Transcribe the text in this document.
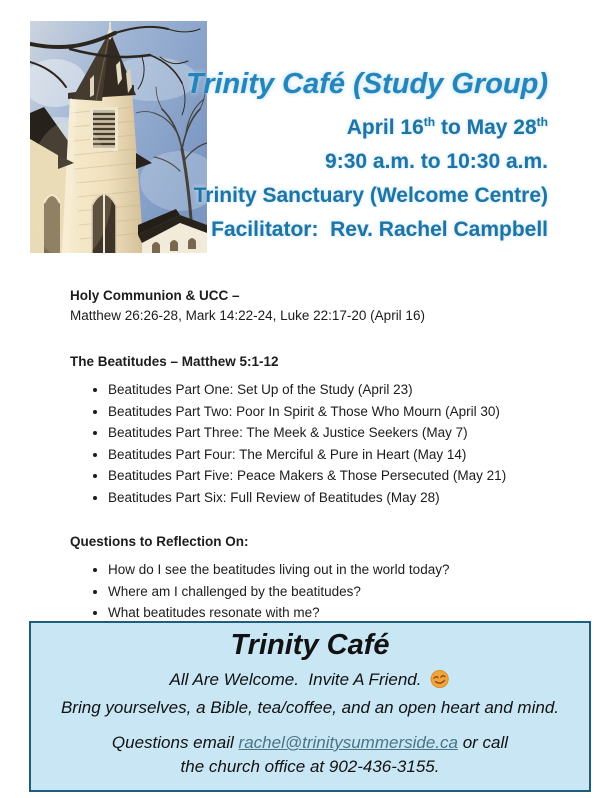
Trinity Café (Study Group)
April 16th to May 28th
9:30 a.m. to 10:30 a.m.
Trinity Sanctuary (Welcome Centre)
Facilitator:  Rev. Rachel Campbell

Holy Communion & UCC –

Matthew 26:26-28, Mark 14:22-24, Luke 22:17-20 (April 16)

The Beatitudes – Matthew 5:1-12

• Beatitudes Part One: Set Up of the Study (April 23)
• Beatitudes Part Two: Poor In Spirit & Those Who Mourn (April 30)
• Beatitudes Part Three: The Meek & Justice Seekers (May 7)
• Beatitudes Part Four: The Merciful & Pure in Heart (May 14)
• Beatitudes Part Five: Peace Makers & Those Persecuted (May 21)
• Beatitudes Part Six: Full Review of Beatitudes (May 28)

Questions to Reflection On:

• How do I see the beatitudes living out in the world today?
• Where am I challenged by the beatitudes?
• What beatitudes resonate with me?
Trinity Café
All Are Welcome.  Invite A Friend.
Bring yourselves, a Bible, tea/coffee, and an open heart and mind.
Questions email rachel@trinitysummerside.ca or call
the church office at 902-436-3155.
